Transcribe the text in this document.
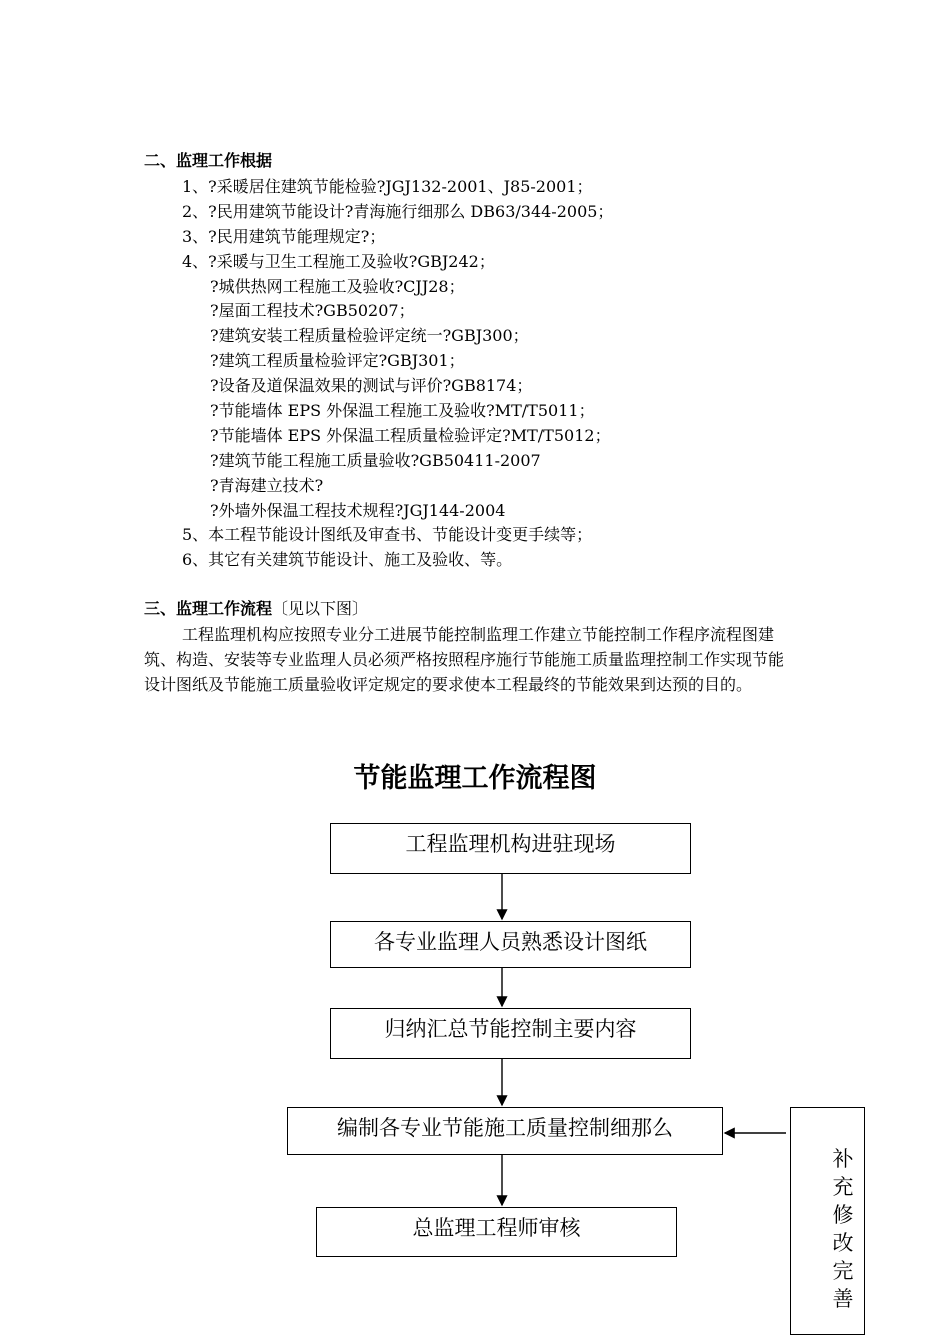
二、监理工作根据
1、?采暖居住建筑节能检验?JGJ132-2001、J85-2001；
2、?民用建筑节能设计?青海施行细那么 DB63/344-2005；
3、?民用建筑节能理规定?；
4、?采暖与卫生工程施工及验收?GBJ242；
?城供热网工程施工及验收?CJJ28；
?屋面工程技术?GB50207；
?建筑安装工程质量检验评定统一?GBJ300；
?建筑工程质量检验评定?GBJ301；
?设备及道保温效果的测试与评价?GB8174；
?节能墙体 EPS 外保温工程施工及验收?MT/T5011；
?节能墙体 EPS 外保温工程质量检验评定?MT/T5012；
?建筑节能工程施工质量验收?GB50411-2007
?青海建立技术?
?外墙外保温工程技术规程?JGJ144-2004
5、本工程节能设计图纸及审查书、节能设计变更手续等；
6、其它有关建筑节能设计、施工及验收、等。
三、监理工作流程〔见以下图〕
工程监理机构应按照专业分工进展节能控制监理工作建立节能控制工作程序流程图建筑、构造、安装等专业监理人员必须严格按照程序施行节能施工质量监理控制工作实现节能设计图纸及节能施工质量验收评定规定的要求使本工程最终的节能效果到达预的目的。
节能监理工作流程图
工程监理机构进驻现场
各专业监理人员熟悉设计图纸
归纳汇总节能控制主要内容
编制各专业节能施工质量控制细那么
总监理工程师审核
补充修改完善
